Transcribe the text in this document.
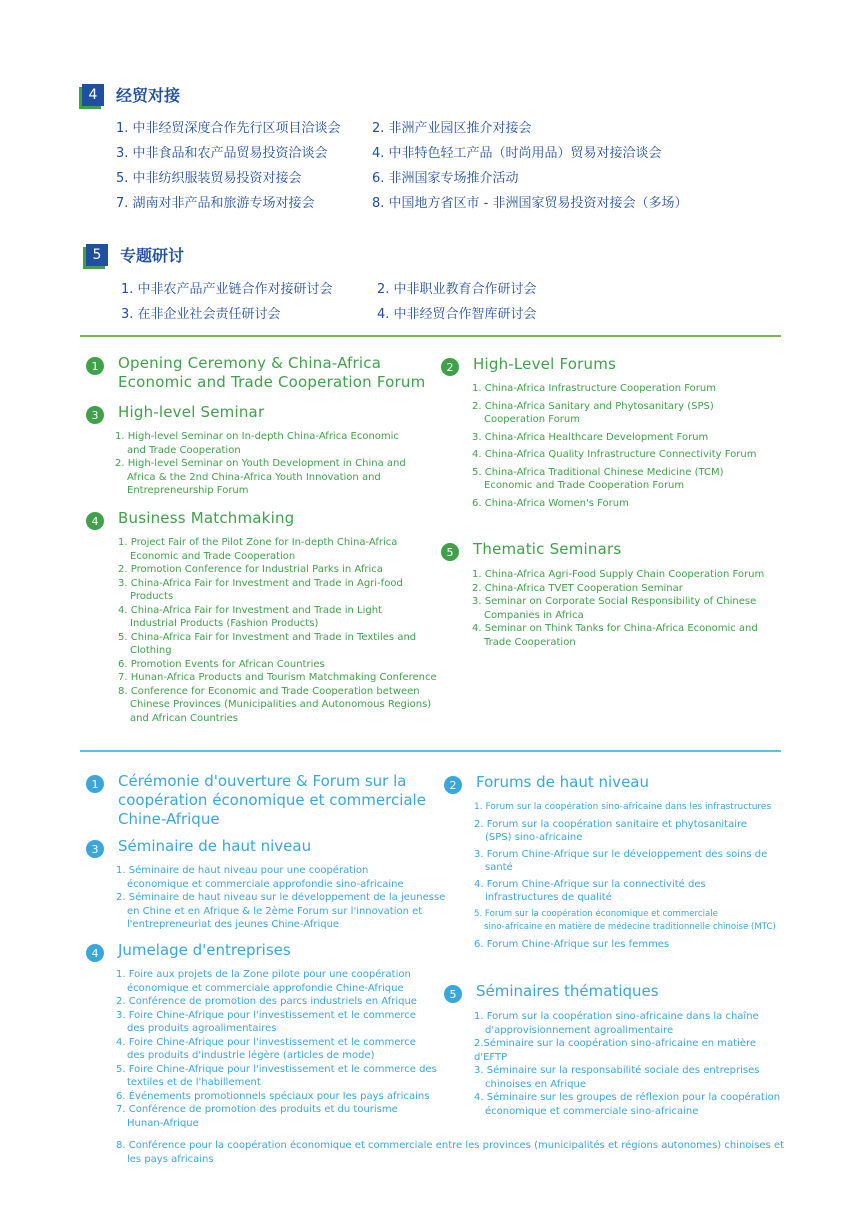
4	经贸对接
1. 中非经贸深度合作先行区项目洽谈会	2. 非洲产业园区推介对接会
3. 中非食品和农产品贸易投资洽谈会	4. 中非特色轻工产品（时尚用品）贸易对接洽谈会
5. 中非纺织服装贸易投资对接会	6. 非洲国家专场推介活动
7. 湖南对非产品和旅游专场对接会	8. 中国地方省区市 - 非洲国家贸易投资对接会（多场）
5	专题研讨
1. 中非农产品产业链合作对接研讨会	2. 中非职业教育合作研讨会
3. 在非企业社会责任研讨会	4. 中非经贸合作智库研讨会
1	Opening Ceremony & China-Africa
Economic and Trade Cooperation Forum
3	High-level Seminar
1. High-level Seminar on In-depth China-Africa Economic
and Trade Cooperation
2. High-level Seminar on Youth Development in China and
Africa & the 2nd China-Africa Youth Innovation and
Entrepreneurship Forum
4	Business Matchmaking
1. Project Fair of the Pilot Zone for In-depth China-Africa
Economic and Trade Cooperation
2. Promotion Conference for Industrial Parks in Africa
3. China-Africa Fair for Investment and Trade in Agri-food
Products
4. China-Africa Fair for Investment and Trade in Light
Industrial Products (Fashion Products)
5. China-Africa Fair for Investment and Trade in Textiles and
Clothing
6. Promotion Events for African Countries
7. Hunan-Africa Products and Tourism Matchmaking Conference
8. Conference for Economic and Trade Cooperation between
Chinese Provinces (Municipalities and Autonomous Regions)
and African Countries
2	High-Level Forums
1. China-Africa Infrastructure Cooperation Forum
2. China-Africa Sanitary and Phytosanitary (SPS)
Cooperation Forum
3. China-Africa Healthcare Development Forum
4. China-Africa Quality Infrastructure Connectivity Forum
5. China-Africa Traditional Chinese Medicine (TCM)
Economic and Trade Cooperation Forum
6. China-Africa Women's Forum
5	Thematic Seminars
1. China-Africa Agri-Food Supply Chain Cooperation Forum
2. China-Africa TVET Cooperation Seminar
3. Seminar on Corporate Social Responsibility of Chinese
Companies in Africa
4. Seminar on Think Tanks for China-Africa Economic and
Trade Cooperation
1	Cérémonie d'ouverture & Forum sur la
coopération économique et commerciale
Chine-Afrique
3	Séminaire de haut niveau
1. Séminaire de haut niveau pour une coopération
économique et commerciale approfondie sino-africaine
2. Séminaire de haut niveau sur le développement de la jeunesse
en Chine et en Afrique & le 2ème Forum sur l'innovation et
l'entrepreneuriat des jeunes Chine-Afrique
4	Jumelage d'entreprises
1. Foire aux projets de la Zone pilote pour une coopération
économique et commerciale approfondie Chine-Afrique
2. Conférence de promotion des parcs industriels en Afrique
3. Foire Chine-Afrique pour l'investissement et le commerce
des produits agroalimentaires
4. Foire Chine-Afrique pour l'investissement et le commerce
des produits d'industrie légère (articles de mode)
5. Foire Chine-Afrique pour l'investissement et le commerce des
textiles et de l'habillement
6. Événements promotionnels spéciaux pour les pays africains
7. Conférence de promotion des produits et du tourisme
Hunan-Afrique
8. Conférence pour la coopération économique et commerciale entre les provinces (municipalités et régions autonomes) chinoises et
les pays africains
2	Forums de haut niveau
1. Forum sur la coopération sino-africaine dans les infrastructures
2. Forum sur la coopération sanitaire et phytosanitaire
(SPS) sino-africaine
3. Forum Chine-Afrique sur le développement des soins de
santé
4. Forum Chine-Afrique sur la connectivité des
infrastructures de qualité
5. Forum sur la coopération économique et commerciale
sino-africaine en matière de médecine traditionnelle chinoise (MTC)
6. Forum Chine-Afrique sur les femmes
5	Séminaires thématiques
1. Forum sur la coopération sino-africaine dans la chaîne
d'approvisionnement agroalimentaire
2.Séminaire sur la coopération sino-africaine en matière d'EFTP
3. Séminaire sur la responsabilité sociale des entreprises
chinoises en Afrique
4. Séminaire sur les groupes de réflexion pour la coopération
économique et commerciale sino-africaine
